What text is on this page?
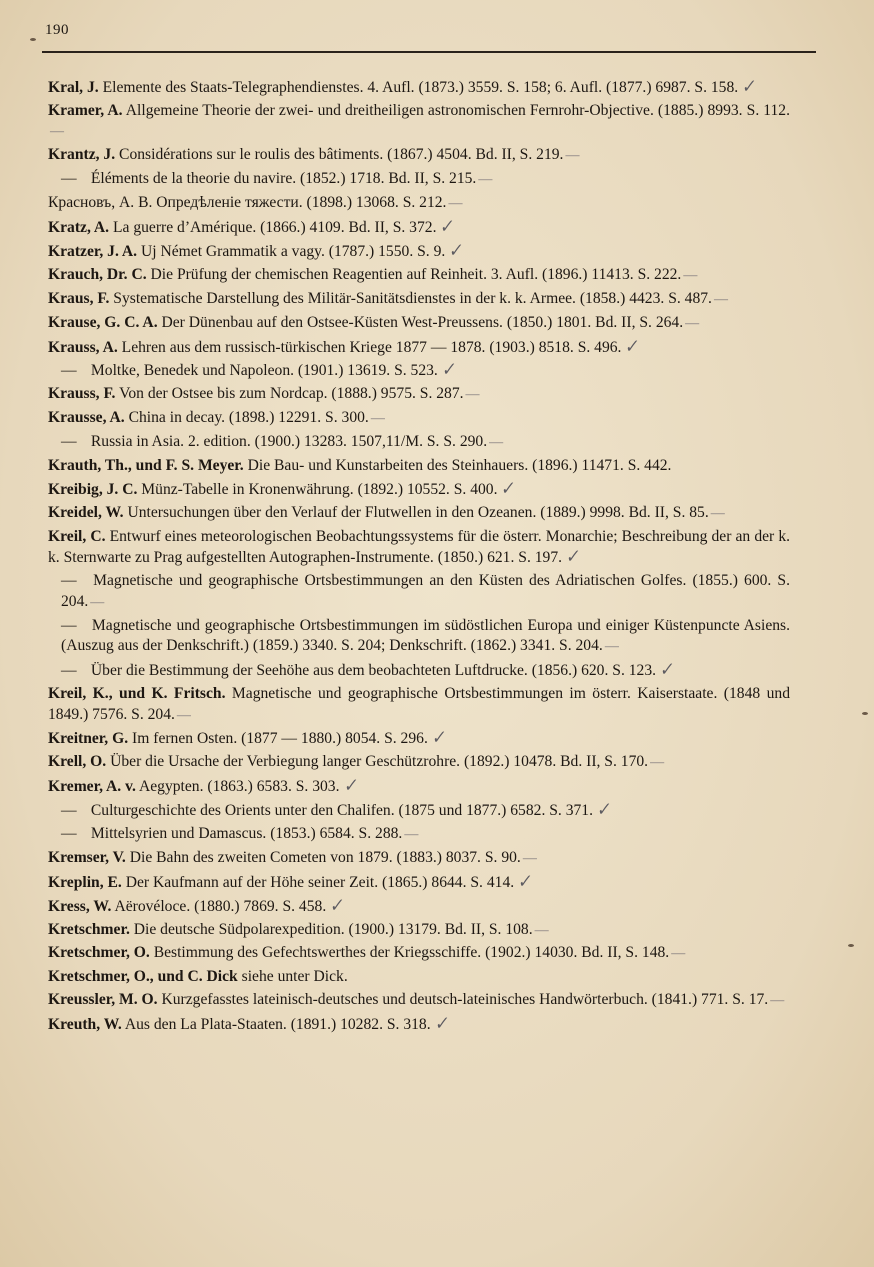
190
Kral, J. Elemente des Staats-Telegraphendienstes. 4. Aufl. (1873.) 3559. S. 158; 6. Aufl. (1877.) 6987. S. 158.✓
Kramer, A. Allgemeine Theorie der zwei- und dreitheiligen astronomischen Fernrohr-Objective. (1885.) 8993. S. 112.—
Krantz, J. Considérations sur le roulis des bâtiments. (1867.) 4504. Bd. II, S. 219. —
— Éléments de la theorie du navire. (1852.) 1718. Bd. II, S. 215. —
Красновъ, А. В. Опредѣленіе тяжести. (1898.) 13068. S. 212. —
Kratz, A. La guerre d’Amérique. (1866.) 4109. Bd. II, S. 372.✓
Kratzer, J. A. Uj Német Grammatik a vagy. (1787.) 1550. S. 9.✓
Krauch, Dr. C. Die Prüfung der chemischen Reagentien auf Reinheit. 3. Aufl. (1896.) 11413. S. 222. —
Kraus, F. Systematische Darstellung des Militär-Sanitätsdienstes in der k. k. Armee. (1858.) 4423. S. 487. —
Krause, G. C. A. Der Dünenbau auf den Ostsee-Küsten West-Preussens. (1850.) 1801. Bd. II, S. 264. —
Krauss, A. Lehren aus dem russisch-türkischen Kriege 1877 — 1878. (1903.) 8518. S. 496.✓
— Moltke, Benedek und Napoleon. (1901.) 13619. S. 523.✓
Krauss, F. Von der Ostsee bis zum Nordcap. (1888.) 9575. S. 287. —
Krausse, A. China in decay. (1898.) 12291. S. 300. —
— Russia in Asia. 2. edition. (1900.) 13283. 1507,11/M. S. S. 290. —
Krauth, Th., und F. S. Meyer. Die Bau- und Kunstarbeiten des Steinhauers. (1896.) 11471. S. 442.
Kreibig, J. C. Münz-Tabelle in Kronenwährung. (1892.) 10552. S. 400.✓
Kreidel, W. Untersuchungen über den Verlauf der Flutwellen in den Ozeanen. (1889.) 9998. Bd. II, S. 85. —
Kreil, C. Entwurf eines meteorologischen Beobachtungssystems für die österr. Monarchie; Beschreibung der an der k. k. Sternwarte zu Prag aufgestellten Autographen-Instrumente. (1850.) 621. S. 197.✓
— Magnetische und geographische Ortsbestimmungen an den Küsten des Adriatischen Golfes. (1855.) 600. S. 204. —
— Magnetische und geographische Ortsbestimmungen im südöstlichen Europa und einiger Küstenpuncte Asiens. (Auszug aus der Denkschrift.) (1859.) 3340. S. 204; Denkschrift. (1862.) 3341. S. 204. —
— Über die Bestimmung der Seehöhe aus dem beobachteten Luftdrucke. (1856.) 620. S. 123.✓
Kreil, K., und K. Fritsch. Magnetische und geographische Ortsbestimmungen im österr. Kaiserstaate. (1848 und 1849.) 7576. S. 204. —
Kreitner, G. Im fernen Osten. (1877 — 1880.) 8054. S. 296.✓
Krell, O. Über die Ursache der Verbiegung langer Geschützrohre. (1892.) 10478. Bd. II, S. 170. —
Kremer, A. v. Aegypten. (1863.) 6583. S. 303.✓
— Culturgeschichte des Orients unter den Chalifen. (1875 und 1877.) 6582. S. 371.✓
— Mittelsyrien und Damascus. (1853.) 6584. S. 288. —
Kremser, V. Die Bahn des zweiten Cometen von 1879. (1883.) 8037. S. 90. —
Kreplin, E. Der Kaufmann auf der Höhe seiner Zeit. (1865.) 8644. S. 414.✓
Kress, W. Aërovéloce. (1880.) 7869. S. 458.✓
Kretschmer. Die deutsche Südpolarexpedition. (1900.) 13179. Bd. II, S. 108. —
Kretschmer, O. Bestimmung des Gefechtswerthes der Kriegsschiffe. (1902.) 14030. Bd. II, S. 148. —
Kretschmer, O., und C. Dick siehe unter Dick.
Kreussler, M. O. Kurzgefasstes lateinisch-deutsches und deutsch-lateinisches Handwörterbuch. (1841.) 771. S. 17. —
Kreuth, W. Aus den La Plata-Staaten. (1891.) 10282. S. 318.✓
